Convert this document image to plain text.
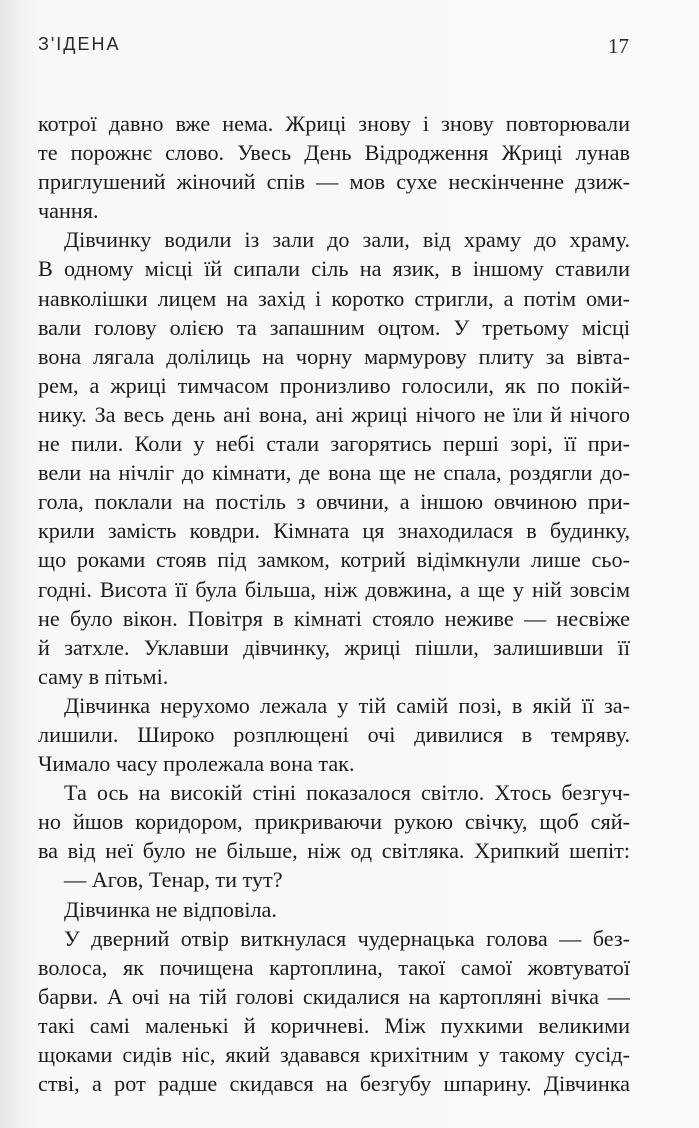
З'ІДЕНА	17
котрої давно вже нема. Жриці знову і знову повторювали
те порожнє слово. Увесь День Відродження Жриці лунав
приглушений жіночий спів — мов сухе нескінченне дзиж-
чання.
Дівчинку водили із зали до зали, від храму до храму.
В одному місці їй сипали сіль на язик, в іншому ставили
навколішки лицем на захід і коротко стригли, а потім оми-
вали голову олією та запашним оцтом. У третьому місці
вона лягала долілиць на чорну мармурову плиту за вівта-
рем, а жриці тимчасом пронизливо голосили, як по покій-
нику. За весь день ані вона, ані жриці нічого не їли й нічого
не пили. Коли у небі стали загорятись перші зорі, її при-
вели на нічліг до кімнати, де вона ще не спала, роздягли до-
гола, поклали на постіль з овчини, а іншою овчиною при-
крили замість ковдри. Кімната ця знаходилася в будинку,
що роками стояв під замком, котрий відімкнули лише сьо-
годні. Висота її була більша, ніж довжина, а ще у ній зовсім
не було вікон. Повітря в кімнаті стояло неживе — несвіже
й затхле. Уклавши дівчинку, жриці пішли, залишивши її
саму в пітьмі.
Дівчинка нерухомо лежала у тій самій позі, в якій її за-
лишили. Широко розплющені очі дивилися в темряву.
Чимало часу пролежала вона так.
Та ось на високій стіні показалося світло. Хтось безгуч-
но йшов коридором, прикриваючи рукою свічку, щоб сяй-
ва від неї було не більше, ніж од світляка. Хрипкий шепіт:
— Агов, Тенар, ти тут?
Дівчинка не відповіла.
У дверний отвір виткнулася чудернацька голова — без-
волоса, як почищена картоплина, такої самої жовтуватої
барви. А очі на тій голові скидалися на картопляні вічка —
такі самі маленькі й коричневі. Між пухкими великими
щоками сидів ніс, який здавався крихітним у такому сусід-
стві, а рот радше скидався на безгубу шпарину. Дівчинка
